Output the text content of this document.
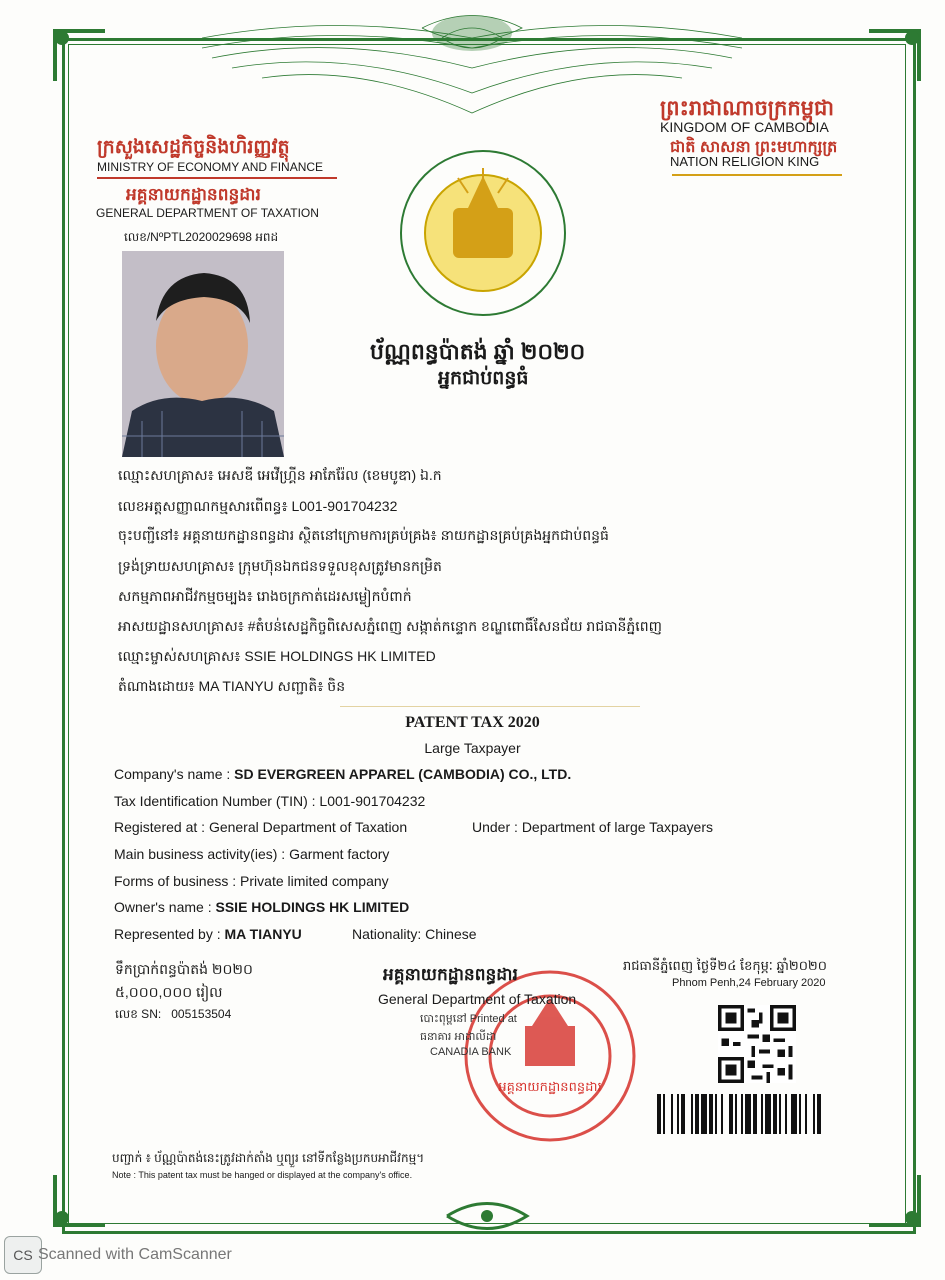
ក្រសួងសេដ្ឋកិច្ចនិងហិរញ្ញវត្ថុ
MINISTRY OF ECONOMY AND FINANCE
អគ្គនាយកដ្ឋានពន្ធដារ
GENERAL DEPARTMENT OF TAXATION
លេខ/NºPTL2020029698 អពដ
ព្រះរាជាណាចក្រកម្ពុជា
KINGDOM OF CAMBODIA
ជាតិ សាសនា ព្រះមហាក្សត្រ
NATION RELIGION KING
ប័ណ្ណពន្ធប៉ាតង់ ឆ្នាំ ២០២០
អ្នកជាប់ពន្ធធំ
ឈ្មោះសហគ្រាស៖ អេសឌី អេវើហ្គ្រីន អាភែរ៉ែល (ខេមបូឌា) ឯ.ក
លេខអត្តសញ្ញាណកម្មសារពើពន្ធ៖ L001-901704232
ចុះបញ្ជីនៅ៖ អគ្គនាយកដ្ឋានពន្ធដារ ស្ថិតនៅក្រោមការគ្រប់គ្រង៖ នាយកដ្ឋានគ្រប់គ្រងអ្នកជាប់ពន្ធធំ
ទ្រង់ទ្រាយសហគ្រាស៖ ក្រុមហ៊ុនឯកជនទទួលខុសត្រូវមានកម្រិត
សកម្មភាពអាជីវកម្មចម្បង៖ រោងចក្រកាត់ដេរសម្លៀកបំពាក់
អាសយដ្ឋានសហគ្រាស៖ #តំបន់សេដ្ឋកិច្ចពិសេសភ្នំពេញ សង្កាត់កន្ទោក ខណ្ឌពោធិ៍សែនជ័យ រាជធានីភ្នំពេញ
ឈ្មោះម្ចាស់សហគ្រាស៖ SSIE HOLDINGS HK LIMITED
តំណាងដោយ៖ MA TIANYU សញ្ជាតិ៖ ចិន
PATENT TAX 2020
Large Taxpayer
Company's name : SD EVERGREEN APPAREL (CAMBODIA) CO., LTD.
Tax Identification Number (TIN) : L001-901704232
Registered at : General Department of Taxation	Under : Department of large Taxpayers
Main business activity(ies) : Garment factory
Forms of business : Private limited company
Owner's name : SSIE HOLDINGS HK LIMITED
Represented by : MA TIANYU	Nationality: Chinese
ទឹកប្រាក់ពន្ធប៉ាតង់ ២០២០
៥,០០០,០០០ រៀល
លេខ SN: 005153504
អគ្គនាយកដ្ឋានពន្ធដារ
អគ្គនាយកដ្ឋានពន្ធដារ
General Department of Taxation
បោះពុម្ពនៅ Printed at
ធនាគារ អាដាលីដា
CANADIA BANK
រាជធានីភ្នំពេញ ថ្ងៃទី២៤ ខែកុម្ភៈ ឆ្នាំ២០២០
Phnom Penh,24 February 2020
បញ្ជាក់ ៖ ប័ណ្ណប៉ាតង់នេះត្រូវដាក់តាំង ឬព្យួរ នៅទីកន្លែងប្រកបអាជីវកម្ម។
Note : This patent tax must be hanged or displayed at the company's office.
CS Scanned with CamScanner
